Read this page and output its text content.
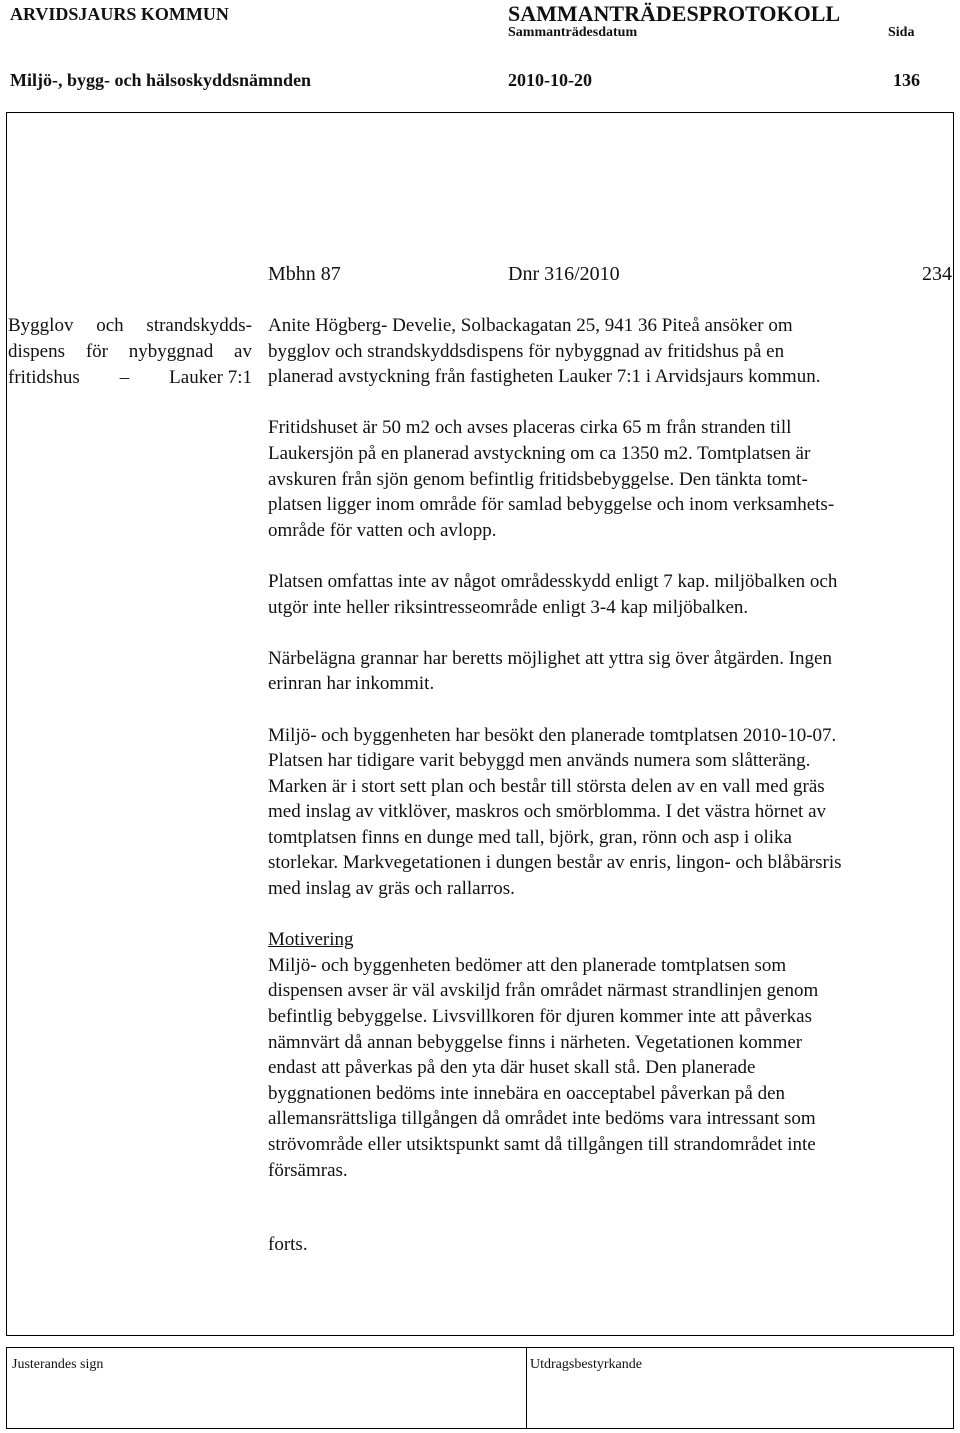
ARVIDSJAURS KOMMUN	SAMMANTRÄDESPROTOKOLL
Sammanträdesdatum	Sida
Miljö-, bygg- och hälsoskyddsnämnden	2010-10-20	136
Mbhn 87	Dnr 316/2010	234
Bygglov och strandskydds-
dispens för nybyggnad av
fritidshus – Lauker 7:1

Anite Högberg- Develie, Solbackagatan 25, 941 36 Piteå ansöker om
bygglov och strandskyddsdispens för nybyggnad av fritidshus på en
planerad avstyckning från fastigheten Lauker 7:1 i Arvidsjaurs kommun.

Fritidshuset är 50 m2 och avses placeras cirka 65 m från stranden till
Laukersjön på en planerad avstyckning om ca 1350 m2. Tomtplatsen är
avskuren från sjön genom befintlig fritidsbebyggelse. Den tänkta tomt-
platsen ligger inom område för samlad bebyggelse och inom verksamhets-
område för vatten och avlopp.

Platsen omfattas inte av något områdesskydd enligt 7 kap. miljöbalken och
utgör inte heller riksintresseområde enligt 3-4 kap miljöbalken.

Närbelägna grannar har beretts möjlighet att yttra sig över åtgärden. Ingen
erinran har inkommit.

Miljö- och byggenheten har besökt den planerade tomtplatsen 2010-10-07.
Platsen har tidigare varit bebyggd men används numera som slåtteräng.
Marken är i stort sett plan och består till största delen av en vall med gräs
med inslag av vitklöver, maskros och smörblomma. I det västra hörnet av
tomtplatsen finns en dunge med tall, björk, gran, rönn och asp i olika
storlekar. Markvegetationen i dungen består av enris, lingon- och blåbärsris
med inslag av gräs och rallarros.

Motivering
Miljö- och byggenheten bedömer att den planerade tomtplatsen som
dispensen avser är väl avskiljd från området närmast strandlinjen genom
befintlig bebyggelse. Livsvillkoren för djuren kommer inte att påverkas
nämnvärt då annan bebyggelse finns i närheten. Vegetationen kommer
endast att påverkas på den yta där huset skall stå. Den planerade
byggnationen bedöms inte innebära en oacceptabel påverkan på den
allemansrättsliga tillgången då området inte bedöms vara intressant som
strövområde eller utsiktspunkt samt då tillgången till strandområdet inte
försämras.

forts.
Justerandes sign	Utdragsbestyrkande
